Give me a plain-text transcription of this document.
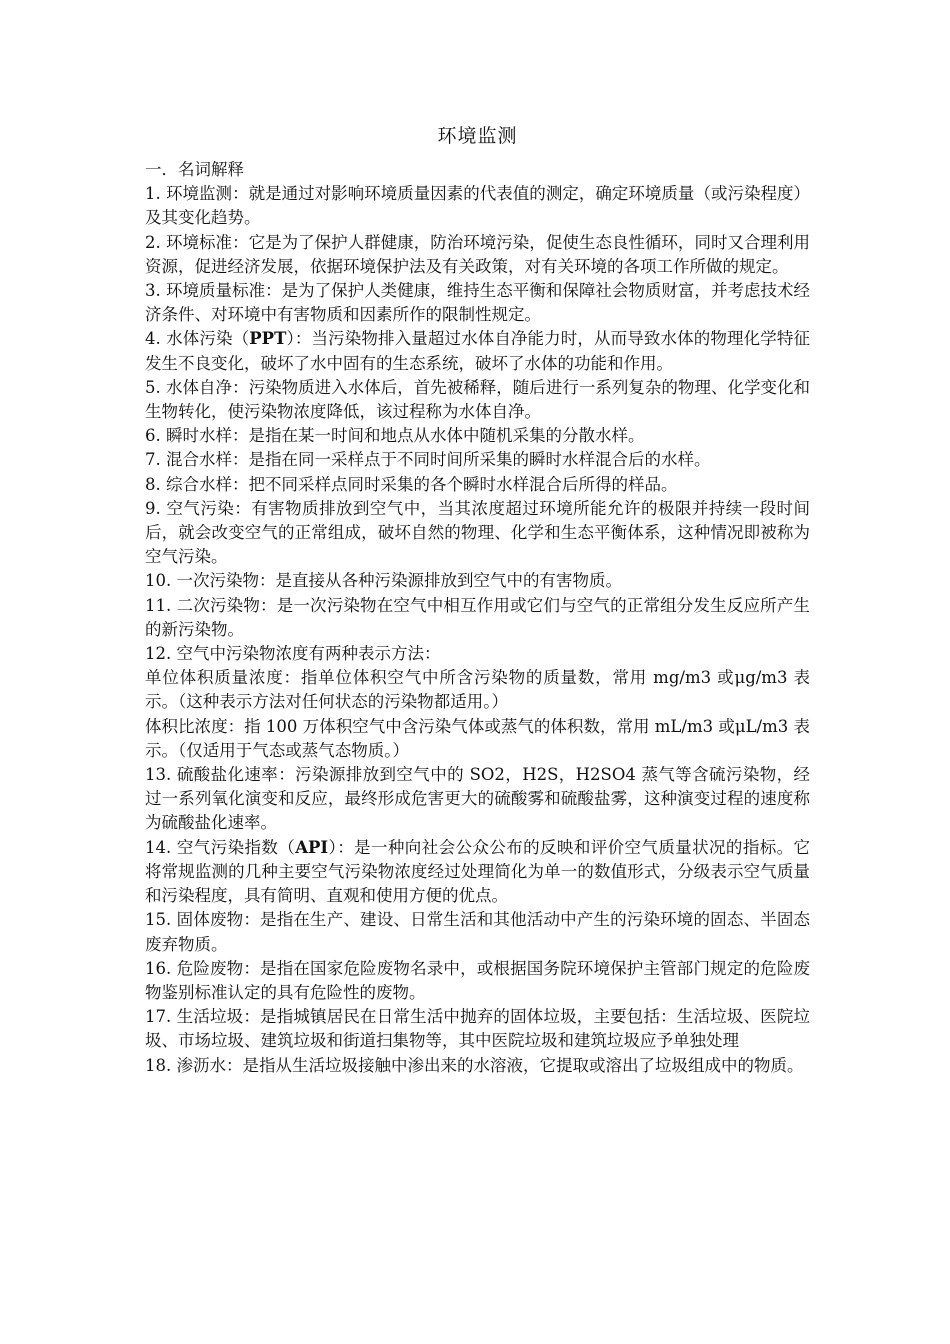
环境监测

一．名词解释

1. 环境监测：就是通过对影响环境质量因素的代表值的测定，确定环境质量（或污染程度）及其变化趋势。

2. 环境标准：它是为了保护人群健康，防治环境污染，促使生态良性循环，同时又合理利用资源，促进经济发展，依据环境保护法及有关政策，对有关环境的各项工作所做的规定。

3. 环境质量标准：是为了保护人类健康，维持生态平衡和保障社会物质财富，并考虑技术经济条件、对环境中有害物质和因素所作的限制性规定。

4. 水体污染（PPT）：当污染物排入量超过水体自净能力时，从而导致水体的物理化学特征发生不良变化，破坏了水中固有的生态系统，破坏了水体的功能和作用。

5. 水体自净：污染物质进入水体后，首先被稀释，随后进行一系列复杂的物理、化学变化和生物转化，使污染物浓度降低，该过程称为水体自净。

6. 瞬时水样：是指在某一时间和地点从水体中随机采集的分散水样。

7. 混合水样：是指在同一采样点于不同时间所采集的瞬时水样混合后的水样。

8. 综合水样：把不同采样点同时采集的各个瞬时水样混合后所得的样品。

9. 空气污染：有害物质排放到空气中，当其浓度超过环境所能允许的极限并持续一段时间后，就会改变空气的正常组成，破坏自然的物理、化学和生态平衡体系，这种情况即被称为空气污染。

10. 一次污染物：是直接从各种污染源排放到空气中的有害物质。

11. 二次污染物：是一次污染物在空气中相互作用或它们与空气的正常组分发生反应所产生的新污染物。

12. 空气中污染物浓度有两种表示方法：

单位体积质量浓度：指单位体积空气中所含污染物的质量数，常用 mg/m3 或μg/m3 表示。（这种表示方法对任何状态的污染物都适用。）

体积比浓度：指 100 万体积空气中含污染气体或蒸气的体积数，常用 mL/m3 或μL/m3 表示。（仅适用于气态或蒸气态物质。）

13. 硫酸盐化速率：污染源排放到空气中的 SO2，H2S，H2SO4 蒸气等含硫污染物，经过一系列氧化演变和反应，最终形成危害更大的硫酸雾和硫酸盐雾，这种演变过程的速度称为硫酸盐化速率。

14. 空气污染指数（API）：是一种向社会公众公布的反映和评价空气质量状况的指标。它将常规监测的几种主要空气污染物浓度经过处理简化为单一的数值形式，分级表示空气质量和污染程度，具有简明、直观和使用方便的优点。

15. 固体废物：是指在生产、建设、日常生活和其他活动中产生的污染环境的固态、半固态废弃物质。

16. 危险废物：是指在国家危险废物名录中，或根据国务院环境保护主管部门规定的危险废物鉴别标准认定的具有危险性的废物。

17. 生活垃圾：是指城镇居民在日常生活中抛弃的固体垃圾，主要包括：生活垃圾、医院垃圾、市场垃圾、建筑垃圾和街道扫集物等，其中医院垃圾和建筑垃圾应予单独处理

18. 渗沥水：是指从生活垃圾接触中渗出来的水溶液，它提取或溶出了垃圾组成中的物质。
